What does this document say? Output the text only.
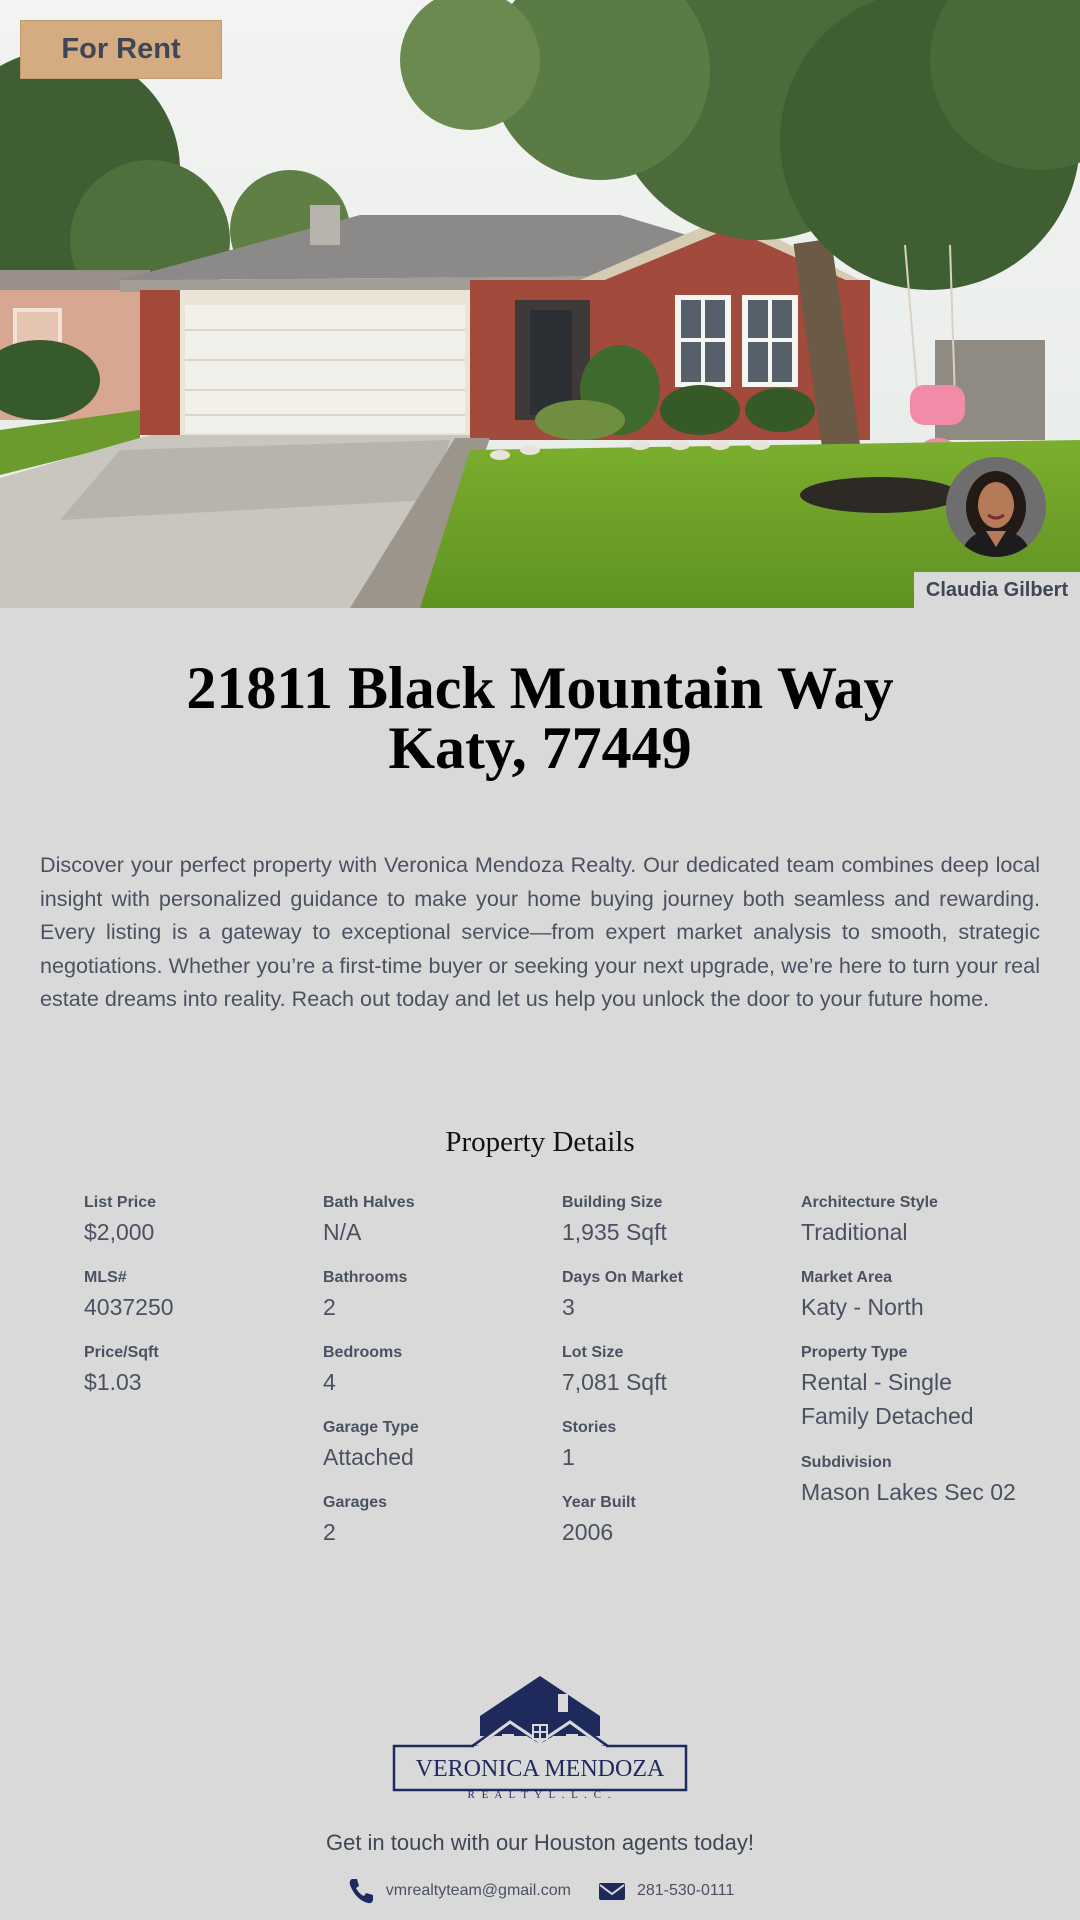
For Rent
Claudia Gilbert
21811 Black Mountain Way
Katy, 77449

Discover your perfect property with Veronica Mendoza Realty. Our dedicated team combines deep local insight with personalized guidance to make your home buying journey both seamless and rewarding. Every listing is a gateway to exceptional service—from expert market analysis to smooth, strategic negotiations. Whether you’re a first-time buyer or seeking your next upgrade, we’re here to turn your real estate dreams into reality. Reach out today and let us help you unlock the door to your future home.

Property Details
List Price
$2,000
MLS#
4037250
Price/Sqft
$1.03
Bath Halves
N/A
Bathrooms
2
Bedrooms
4
Garage Type
Attached
Garages
2
Building Size
1,935 Sqft
Days On Market
3
Lot Size
7,081 Sqft
Stories
1
Year Built
2006
Architecture Style
Traditional
Market Area
Katy - North
Property Type
Rental - Single Family Detached
Subdivision
Mason Lakes Sec 02
VERONICA MENDOZA
R E A L T Y L . L . C .
Get in touch with our Houston agents today!
vmrealtyteam@gmail.com	281-530-0111
